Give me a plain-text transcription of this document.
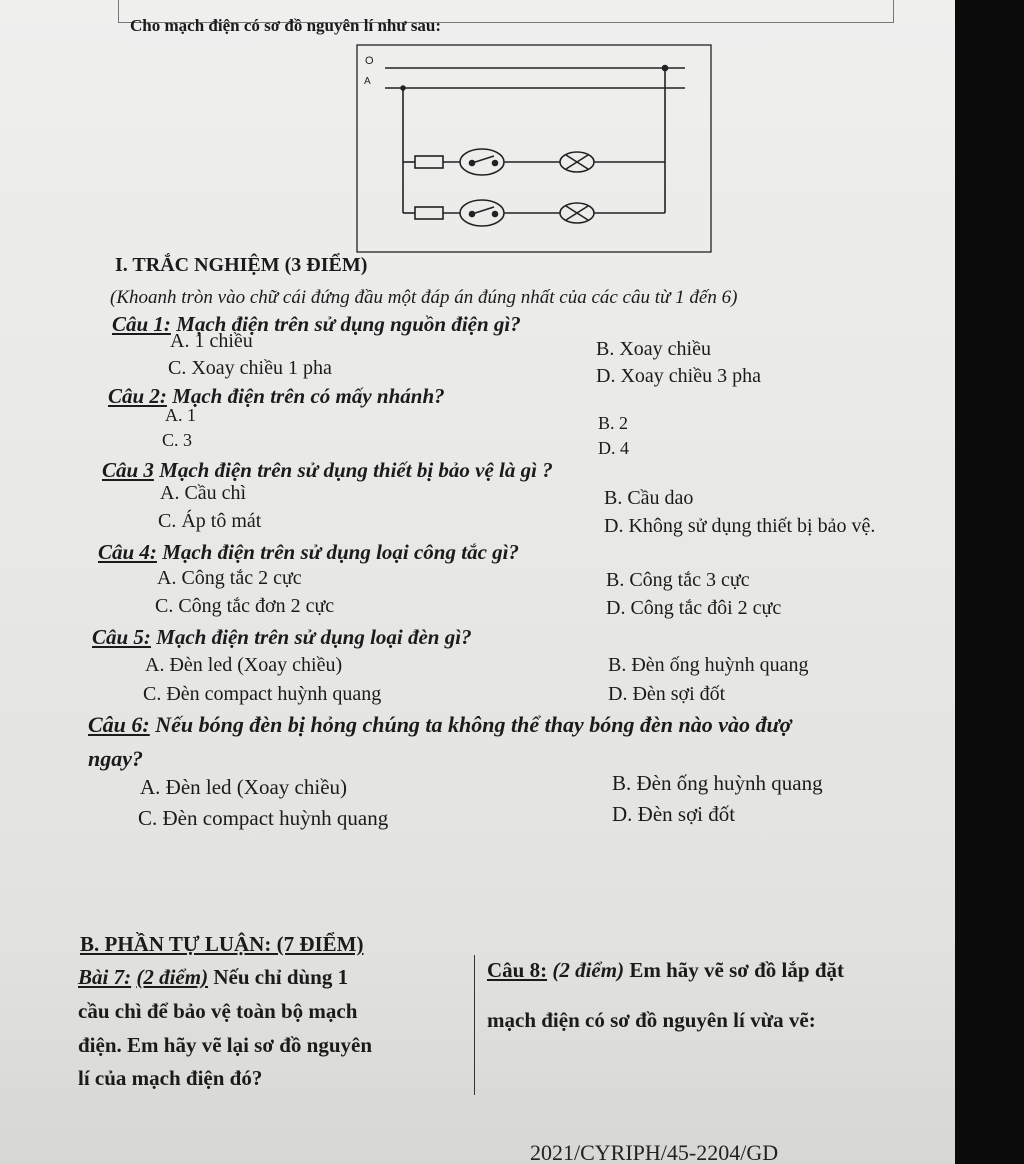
Cho mạch điện có sơ đồ nguyên lí như sau:
O
A
I. TRẮC NGHIỆM (3 ĐIỂM)
(Khoanh tròn vào chữ cái đứng đầu một đáp án đúng nhất của các câu từ 1 đến 6)
Câu 1: Mạch điện trên sử dụng nguồn điện gì?
A. 1 chiều	B. Xoay chiều
C. Xoay chiều 1 pha	D. Xoay chiều 3 pha
Câu 2: Mạch điện trên có mấy nhánh?
A. 1	B. 2
C. 3	D. 4
Câu 3 Mạch điện trên sử dụng thiết bị bảo vệ là gì ?
A. Cầu chì	B. Cầu dao
C. Áp tô mát	D. Không sử dụng thiết bị bảo vệ.
Câu 4: Mạch điện trên sử dụng loại công tắc gì?
A. Công tắc 2 cực	B. Công tắc 3 cực
C. Công tắc đơn 2 cực	D. Công tắc đôi 2 cực
Câu 5: Mạch điện trên sử dụng loại đèn gì?
A. Đèn led (Xoay chiều)	B. Đèn ống huỳnh quang
C. Đèn compact huỳnh quang	D. Đèn sợi đốt
Câu 6: Nếu bóng đèn bị hỏng chúng ta không thể thay bóng đèn nào vào đượ
ngay?
A. Đèn led (Xoay chiều)	B. Đèn ống huỳnh quang
C. Đèn compact huỳnh quang	D. Đèn sợi đốt
B. PHẦN TỰ LUẬN: (7 ĐIỂM)
Bài 7: (2 điểm) Nếu chỉ dùng 1
cầu chì để bảo vệ toàn bộ mạch
điện. Em hãy vẽ lại sơ đồ nguyên
lí của mạch điện đó?
Câu 8: (2 điểm) Em hãy vẽ sơ đồ lắp đặt
mạch điện có sơ đồ nguyên lí vừa vẽ:
2021/CYRIPH/45-2204/GD
